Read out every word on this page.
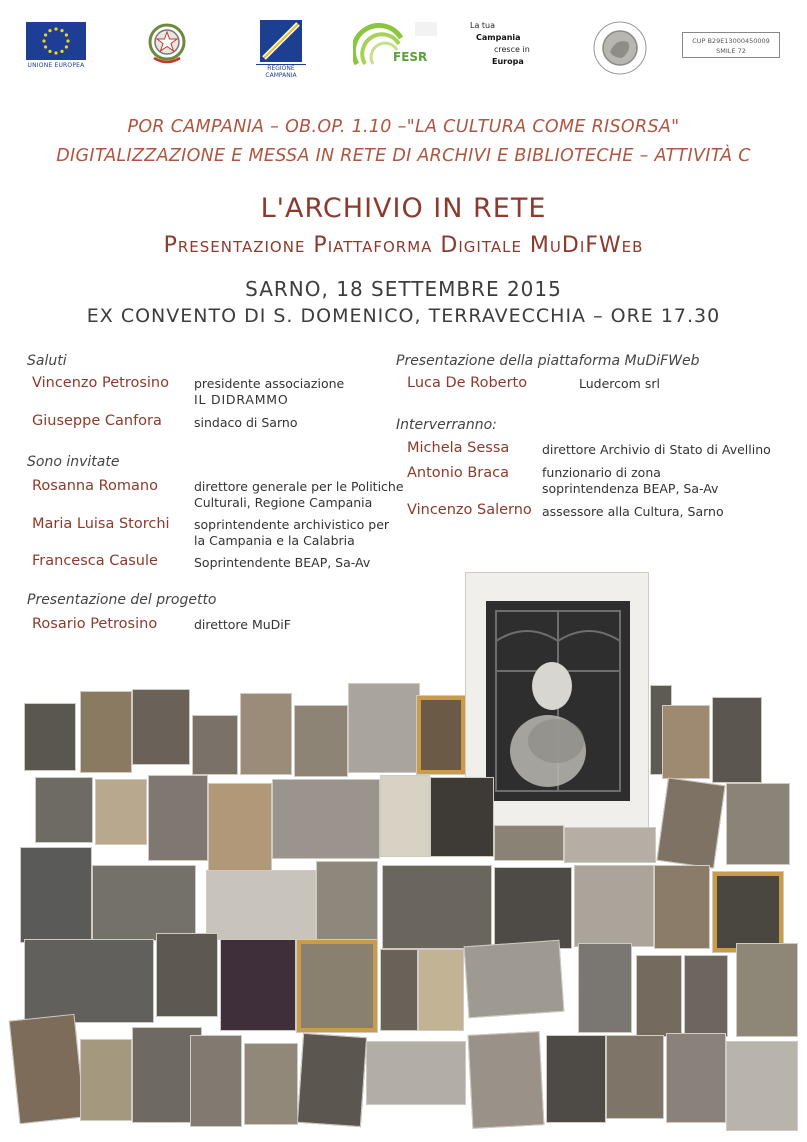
UNIONE EUROPEA	REGIONE CAMPANIA
FESR
La tua
Campania
cresce in
Europa
CUP B29E13000450009
SMILE 72
POR CAMPANIA – OB.OP. 1.10 –"LA CULTURA COME RISORSA"
DIGITALIZZAZIONE E MESSA IN RETE DI ARCHIVI E BIBLIOTECHE – ATTIVITÀ C
L'ARCHIVIO IN RETE
Presentazione Piattaforma Digitale MuDiFWeb
SARNO, 18 SETTEMBRE 2015
EX CONVENTO DI S. DOMENICO, TERRAVECCHIA – ORE 17.30
Saluti
Vincenzo Petrosino presidente associazione
IL DIDRAMMO
Giuseppe Canfora	sindaco di Sarno
Sono invitate
Rosanna Romano	direttore generale per le Politiche
Culturali, Regione Campania
Maria Luisa Storchi soprintendente archivistico per
la Campania e la Calabria
Francesca Casule	Soprintendente BEAP, Sa-Av
Presentazione del progetto
Rosario Petrosino	direttore MuDiF
Presentazione della piattaforma MuDiFWeb
Luca De Roberto	Ludercom srl
Interverranno:
Michela Sessa	direttore Archivio di Stato di Avellino
Antonio Braca	funzionario di zona
soprintendenza BEAP, Sa-Av
Vincenzo Salerno assessore alla Cultura, Sarno
